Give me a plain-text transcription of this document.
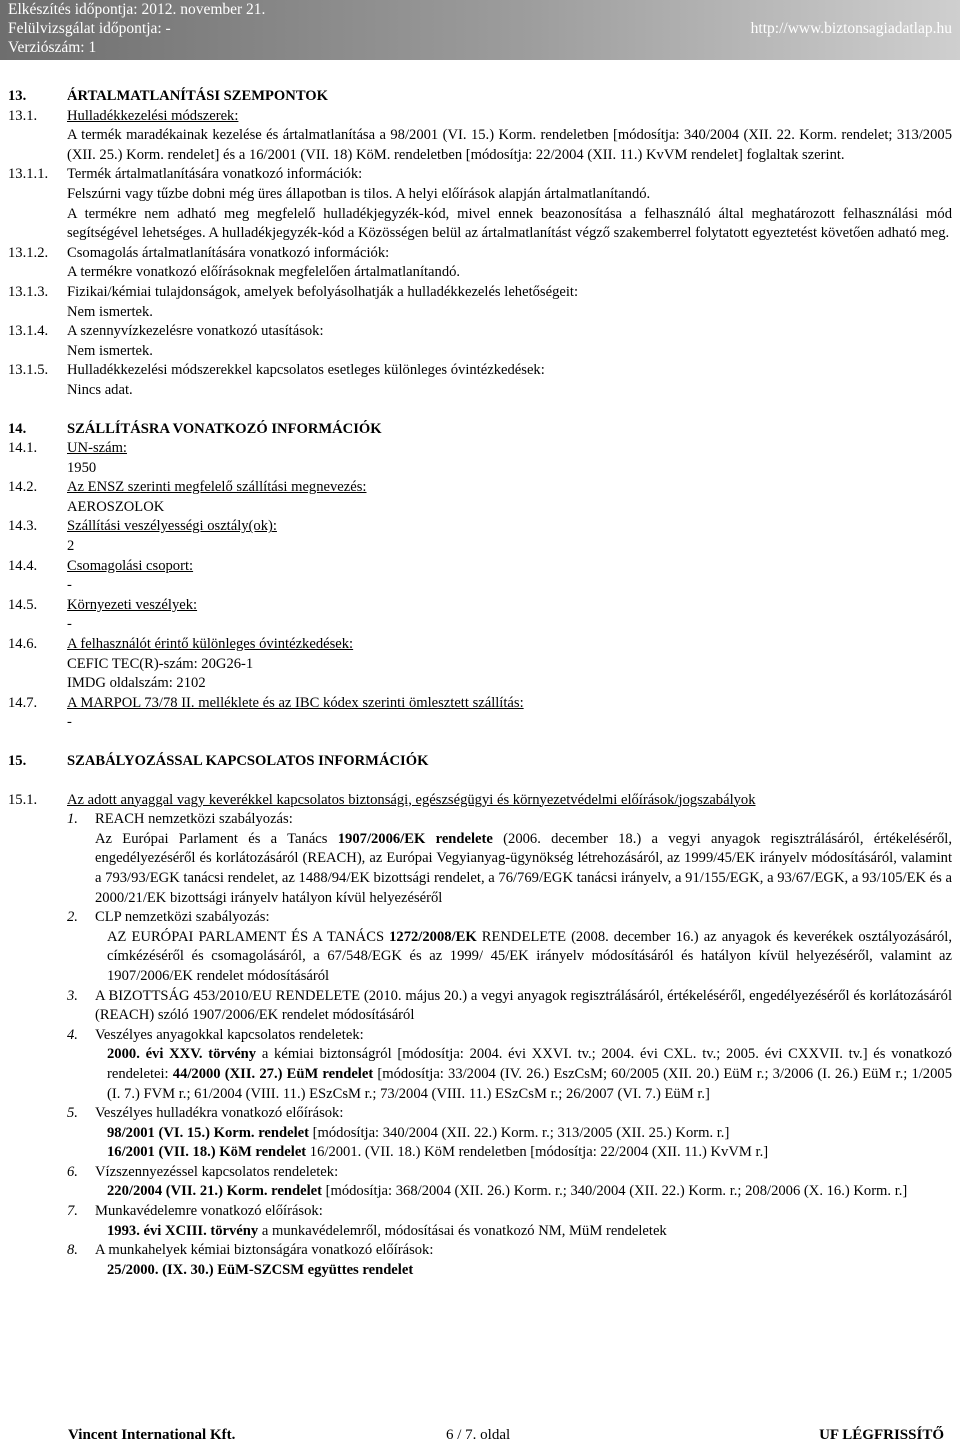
Elkészítés időpontja: 2012. november 21.
Felülvizsgálat időpontja: -
Verziószám: 1
http://www.biztonsagiadatlap.hu
13.	ÁRTALMATLANÍTÁSI SZEMPONTOK
13.1.	Hulladékkezelési módszerek:
A termék maradékainak kezelése és ártalmatlanítása a 98/2001 (VI. 15.) Korm. rendeletben [módosítja: 340/2004 (XII. 22. Korm. rendelet; 313/2005 (XII. 25.) Korm. rendelet] és a 16/2001 (VII. 18) KöM. rendeletben [módosítja: 22/2004 (XII. 11.) KvVM rendelet] foglaltak szerint.
13.1.1.	Termék ártalmatlanítására vonatkozó információk:
Felszúrni vagy tűzbe dobni még üres állapotban is tilos. A helyi előírások alapján ártalmatlanítandó.
A termékre nem adható meg megfelelő hulladékjegyzék-kód, mivel ennek beazonosítása a felhasználó által meghatározott felhasználási mód segítségével lehetséges. A hulladékjegyzék-kód a Közösségen belül az ártalmatlanítást végző szakemberrel folytatott egyeztetést követően adható meg.
13.1.2.	Csomagolás ártalmatlanítására vonatkozó információk:
A termékre vonatkozó előírásoknak megfelelően ártalmatlanítandó.
13.1.3.	Fizikai/kémiai tulajdonságok, amelyek befolyásolhatják a hulladékkezelés lehetőségeit:
Nem ismertek.
13.1.4.	A szennyvízkezelésre vonatkozó utasítások:
Nem ismertek.
13.1.5.	Hulladékkezelési módszerekkel kapcsolatos esetleges különleges óvintézkedések:
Nincs adat.
14.	SZÁLLÍTÁSRA VONATKOZÓ INFORMÁCIÓK
14.1.	UN-szám:
1950
14.2.	Az ENSZ szerinti megfelelő szállítási megnevezés:
AEROSZOLOK
14.3.	Szállítási veszélyességi osztály(ok):
2
14.4.	Csomagolási csoport:
-
14.5.	Környezeti veszélyek:
-
14.6.	A felhasználót érintő különleges óvintézkedések:
CEFIC TEC(R)-szám: 20G26-1
IMDG oldalszám: 2102
14.7.	A MARPOL 73/78 II. melléklete és az IBC kódex szerinti ömlesztett szállítás:
-
15.	SZABÁLYOZÁSSAL KAPCSOLATOS INFORMÁCIÓK
15.1.	Az adott anyaggal vagy keverékkel kapcsolatos biztonsági, egészségügyi és környezetvédelmi előírások/jogszabályok
1.	REACH nemzetközi szabályozás:
Az Európai Parlament és a Tanács 1907/2006/EK rendelete (2006. december 18.) a vegyi anyagok regisztrálásáról, értékeléséről, engedélyezéséről és korlátozásáról (REACH), az Európai Vegyianyag-ügynökség létrehozásáról, az 1999/45/EK irányelv módosításáról, valamint a 793/93/EGK tanácsi rendelet, az 1488/94/EK bizottsági rendelet, a 76/769/EGK tanácsi irányelv, a 91/155/EGK, a 93/67/EGK, a 93/105/EK és a 2000/21/EK bizottsági irányelv hatályon kívül helyezéséről
2.	CLP nemzetközi szabályozás:
AZ EURÓPAI PARLAMENT ÉS A TANÁCS 1272/2008/EK RENDELETE (2008. december 16.) az anyagok és keverékek osztályozásáról, címkézéséről és csomagolásáról, a 67/548/EGK és az 1999/ 45/EK irányelv módosításáról és hatályon kívül helyezéséről, valamint az 1907/2006/EK rendelet módosításáról
3.	A BIZOTTSÁG 453/2010/EU RENDELETE (2010. május 20.) a vegyi anyagok regisztrálásáról, értékeléséről, engedélyezéséről és korlátozásáról (REACH) szóló 1907/2006/EK rendelet módosításáról
4.	Veszélyes anyagokkal kapcsolatos rendeletek:
2000. évi XXV. törvény a kémiai biztonságról [módosítja: 2004. évi XXVI. tv.; 2004. évi CXL. tv.; 2005. évi CXXVII. tv.] és vonatkozó rendeletei: 44/2000 (XII. 27.) EüM rendelet [módosítja: 33/2004 (IV. 26.) EszCsM; 60/2005 (XII. 20.) EüM r.; 3/2006 (I. 26.) EüM r.; 1/2005 (I. 7.) FVM r.; 61/2004 (VIII. 11.) ESzCsM r.; 73/2004 (VIII. 11.) ESzCsM r.; 26/2007 (VI. 7.) EüM r.]
5.	Veszélyes hulladékra vonatkozó előírások:
98/2001 (VI. 15.) Korm. rendelet [módosítja: 340/2004 (XII. 22.) Korm. r.; 313/2005 (XII. 25.) Korm. r.]
16/2001 (VII. 18.) KöM rendelet 16/2001. (VII. 18.) KöM rendeletben [módosítja: 22/2004 (XII. 11.) KvVM r.]
6.	Vízszennyezéssel kapcsolatos rendeletek:
220/2004 (VII. 21.) Korm. rendelet [módosítja: 368/2004 (XII. 26.) Korm. r.; 340/2004 (XII. 22.) Korm. r.; 208/2006 (X. 16.) Korm. r.]
7.	Munkavédelemre vonatkozó előírások:
1993. évi XCIII. törvény a munkavédelemről, módosításai és vonatkozó NM, MüM rendeletek
8.	A munkahelyek kémiai biztonságára vonatkozó előírások:
25/2000. (IX. 30.) EüM-SZCSM együttes rendelet
Vincent International Kft.	6 / 7. oldal	UF LÉGFRISSÍTŐ
